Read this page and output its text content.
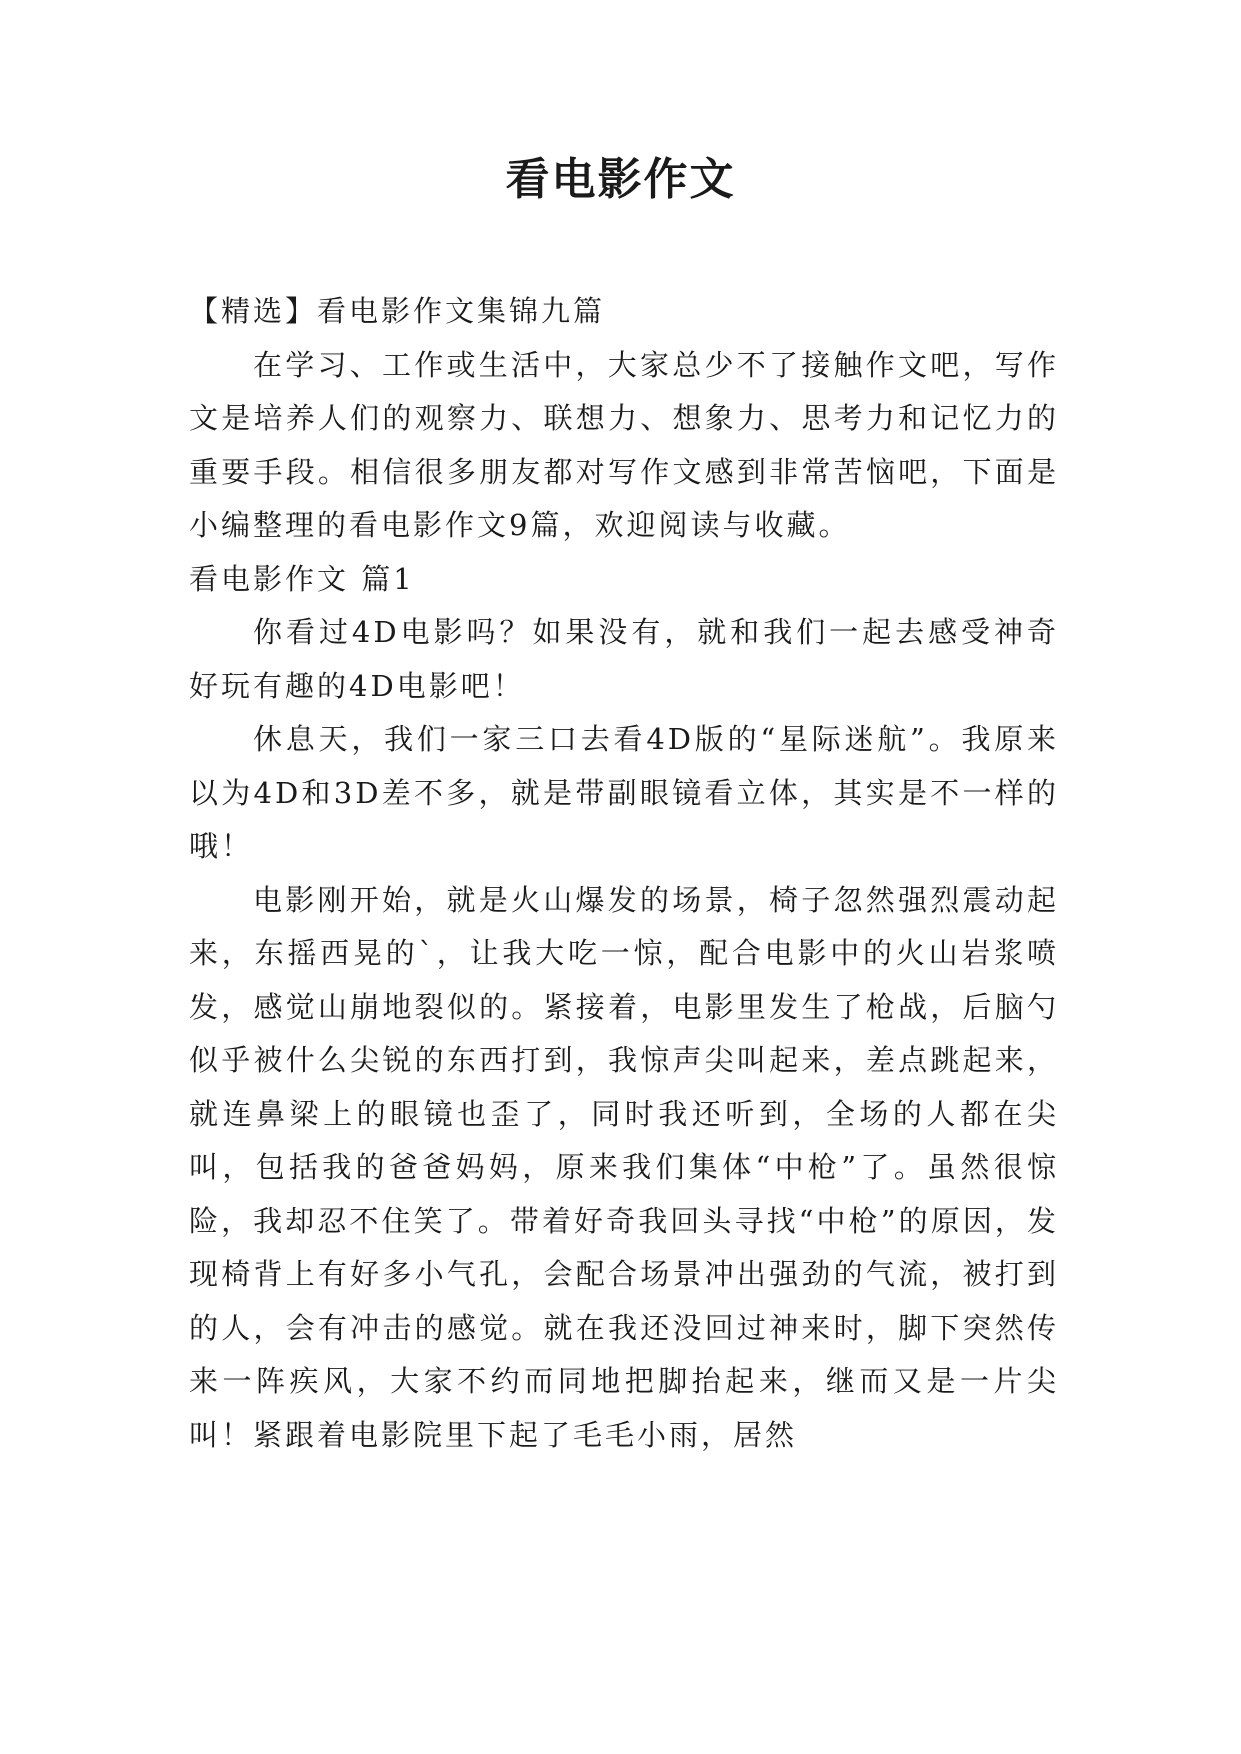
看电影作文

【精选】看电影作文集锦九篇

在学习、工作或生活中，大家总少不了接触作文吧，写作文是培养人们的观察力、联想力、想象力、思考力和记忆力的重要手段。相信很多朋友都对写作文感到非常苦恼吧，下面是小编整理的看电影作文9篇，欢迎阅读与收藏。

看电影作文 篇1

你看过4D电影吗？如果没有，就和我们一起去感受神奇好玩有趣的4D电影吧！

休息天，我们一家三口去看4D版的“星际迷航”。我原来以为4D和3D差不多，就是带副眼镜看立体，其实是不一样的哦！

电影刚开始，就是火山爆发的场景，椅子忽然强烈震动起来，东摇西晃的`，让我大吃一惊，配合电影中的火山岩浆喷发，感觉山崩地裂似的。紧接着，电影里发生了枪战，后脑勺似乎被什么尖锐的东西打到，我惊声尖叫起来，差点跳起来，就连鼻梁上的眼镜也歪了，同时我还听到，全场的人都在尖叫，包括我的爸爸妈妈，原来我们集体“中枪”了。虽然很惊险，我却忍不住笑了。带着好奇我回头寻找“中枪”的原因，发现椅背上有好多小气孔，会配合场景冲出强劲的气流，被打到的人，会有冲击的感觉。就在我还没回过神来时，脚下突然传来一阵疾风，大家不约而同地把脚抬起来，继而又是一片尖叫！紧跟着电影院里下起了毛毛小雨，居然
